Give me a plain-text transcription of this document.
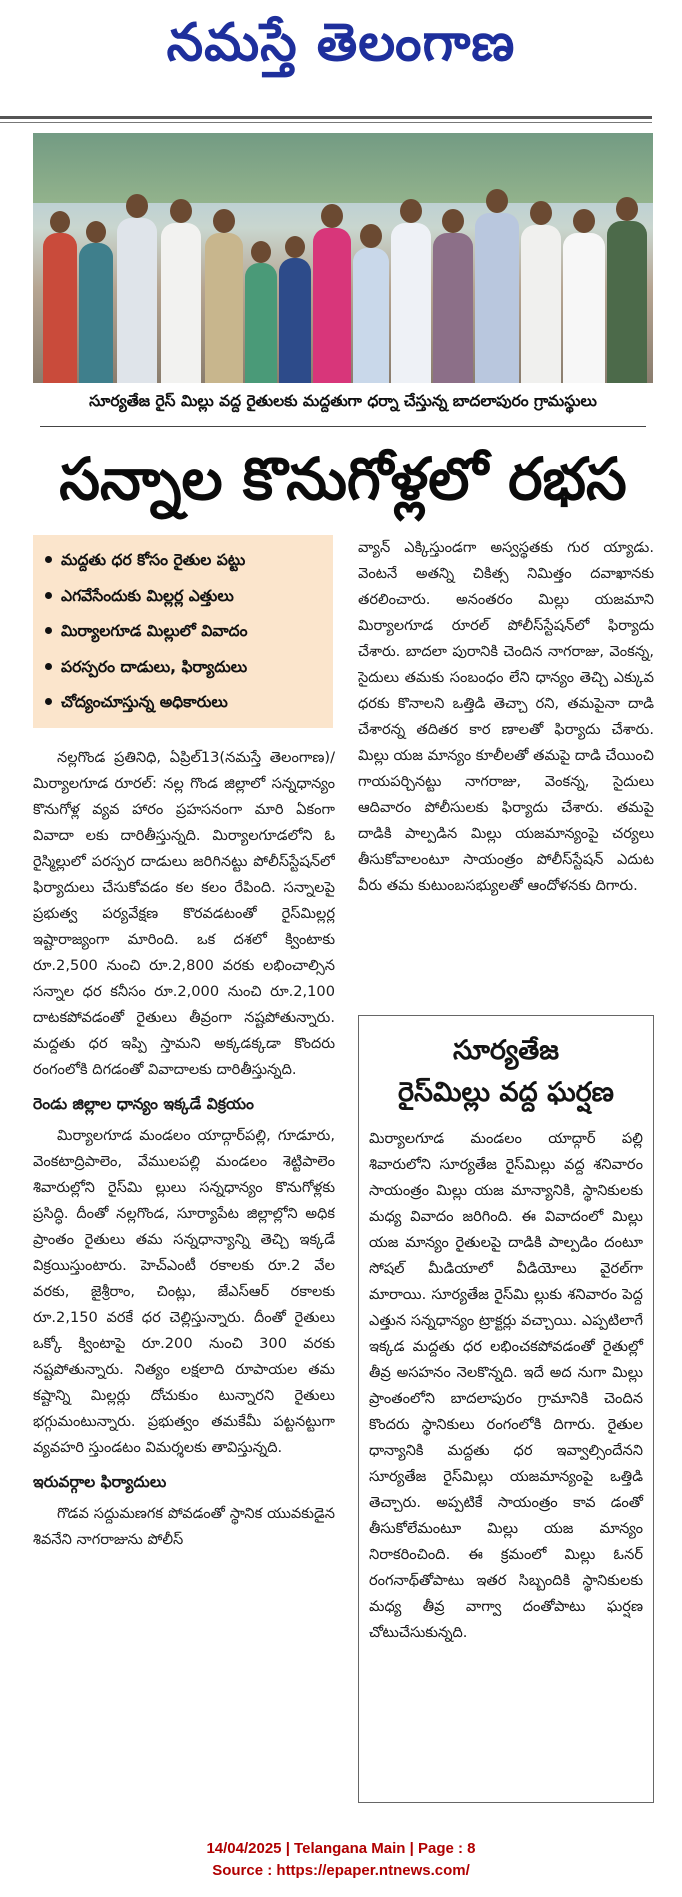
నమస్తే తెలంగాణ
సూర్యతేజ రైస్ మిల్లు వద్ద రైతులకు మద్దతుగా ధర్నా చేస్తున్న బాదలాపురం గ్రామస్థులు
సన్నాల కొనుగోళ్లలో రభస
మద్దతు ధర కోసం రైతుల పట్టు
ఎగవేసేందుకు మిల్లర్ల ఎత్తులు
మిర్యాలగూడ మిల్లులో వివాదం
పరస్పరం దాడులు, ఫిర్యాదులు
చోద్యంచూస్తున్న అధికారులు

నల్లగొండ ప్రతినిధి, ఏప్రిల్13(నమస్తే తెలంగాణ)/మిర్యాలగూడ రూరల్: నల్ల గొండ జిల్లాలో సన్నధాన్యం కొనుగోళ్ల వ్యవ హారం ప్రహసనంగా మారి ఏకంగా వివాదా లకు దారితీస్తున్నది. మిర్యాలగూడలోని ఓ రైస్మిల్లులో పరస్పర దాడులు జరిగినట్టు పోలీస్‌స్టేషన్‌లో ఫిర్యాదులు చేసుకోవడం కల కలం రేపింది. సన్నాలపై ప్రభుత్వ పర్యవేక్షణ కొరవడటంతో రైస్‌మిల్లర్ల ఇష్టారాజ్యంగా మారింది. ఒక దశలో క్వింటాకు రూ.2,500 నుంచి రూ.2,800 వరకు లభించాల్సిన సన్నాల ధర కనీసం రూ.2,000 నుంచి రూ.2,100 దాటకపోవడంతో రైతులు తీవ్రంగా నష్టపోతున్నారు. మద్దతు ధర ఇప్పి స్తామని అక్కడక్కడా కొందరు రంగంలోకి దిగడంతో వివాదాలకు దారితీస్తున్నది.

రెండు జిల్లాల ధాన్యం ఇక్కడే విక్రయం

మిర్యాలగూడ మండలం యాద్గార్‌పల్లి, గూడూరు, వెంకటాద్రిపాలెం, వేములపల్లి మండలం శెట్టిపాలెం శివారుల్లోని రైస్‌మి ల్లులు సన్నధాన్యం కొనుగోళ్లకు ప్రసిద్ధి. దీంతో నల్లగొండ, సూర్యాపేట జిల్లాల్లోని అధిక ప్రాంతం రైతులు తమ సన్నధాన్యాన్ని తెచ్చి ఇక్కడే విక్రయిస్తుంటారు. హెచ్ఎంటీ రకాలకు రూ.2 వేల వరకు, జైశ్రీరాం, చింట్లు, జేఎస్ఆర్ రకాలకు రూ.2,150 వరకే ధర చెల్లిస్తున్నారు. దీంతో రైతులు ఒక్కో క్వింటాపై రూ.200 నుంచి 300 వరకు నష్టపోతున్నారు. నిత్యం లక్షలాది రూపాయల తమ కష్టాన్ని మిల్లర్లు దోచుకుం టున్నారని రైతులు భగ్గుమంటున్నారు. ప్రభుత్వం తమకేమీ పట్టనట్టుగా వ్యవహరి స్తుండటం విమర్శలకు తావిస్తున్నది.

ఇరువర్గాల ఫిర్యాదులు

గొడవ సద్దుమణగక పోవడంతో స్థానిక యువకుడైన శివనేని నాగరాజును పోలీస్

వ్యాన్ ఎక్కిస్తుండగా అస్వస్థతకు గుర య్యాడు. వెంటనే అతన్ని చికిత్స నిమిత్తం దవాఖానకు తరలించారు. అనంతరం మిల్లు యజమాని మిర్యాలగూడ రూరల్ పోలీస్‌స్టేషన్‌లో ఫిర్యాదు చేశారు. బాదలా పురానికి చెందిన నాగరాజు, వెంకన్న, సైదులు తమకు సంబంధం లేని ధాన్యం తెచ్చి ఎక్కువ ధరకు కొనాలని ఒత్తిడి తెచ్చా రని, తమపైనా దాడి చేశారన్న తదితర కార ణాలతో ఫిర్యాదు చేశారు. మిల్లు యజ మాన్యం కూలీలతో తమపై దాడి చేయించి గాయపర్చినట్టు నాగరాజు, వెంకన్న, సైదులు ఆదివారం పోలీసులకు ఫిర్యాదు చేశారు. తమపై దాడికి పాల్పడిన మిల్లు యజమాన్యంపై చర్యలు తీసుకోవాలంటూ సాయంత్రం పోలీస్‌స్టేషన్ ఎదుట వీరు తమ కుటుంబసభ్యులతో ఆందోళనకు దిగారు.

సూర్యతేజ
రైస్‌మిల్లు వద్ద ఘర్షణ
మిర్యాలగూడ మండలం యాద్గార్ పల్లి శివారులోని సూర్యతేజ రైస్‌మిల్లు వద్ద శనివారం సాయంత్రం మిల్లు యజ మాన్యానికి, స్థానికులకు మధ్య వివాదం జరిగింది. ఈ వివాదంలో మిల్లు యజ మాన్యం రైతులపై దాడికి పాల్పడిం దంటూ సోషల్ మీడియాలో వీడియోలు వైరల్‌గా మారాయి. సూర్యతేజ రైస్‌మి ల్లుకు శనివారం పెద్ద ఎత్తున సన్నధాన్యం ట్రాక్టర్లు వచ్చాయి. ఎప్పటిలాగే ఇక్కడ మద్దతు ధర లభించకపోవడంతో రైతుల్లో తీవ్ర అసహనం నెలకొన్నది. ఇదే అద నుగా మిల్లు ప్రాంతంలోని బాదలాపురం గ్రామానికి చెందిన కొందరు స్థానికులు రంగంలోకి దిగారు. రైతుల ధాన్యానికి మద్దతు ధర ఇవ్వాల్సిందేనని సూర్యతేజ రైస్‌మిల్లు యజమాన్యంపై ఒత్తిడి తెచ్చారు. అప్పటికే సాయంత్రం కావ డంతో తీసుకోలేమంటూ మిల్లు యజ మాన్యం నిరాకరించింది. ఈ క్రమంలో మిల్లు ఓనర్ రంగనాథ్‌తోపాటు ఇతర సిబ్బందికి స్థానికులకు మధ్య తీవ్ర వాగ్వా దంతోపాటు ఘర్షణ చోటుచేసుకున్నది.
14/04/2025 | Telangana Main | Page : 8
Source : https://epaper.ntnews.com/
